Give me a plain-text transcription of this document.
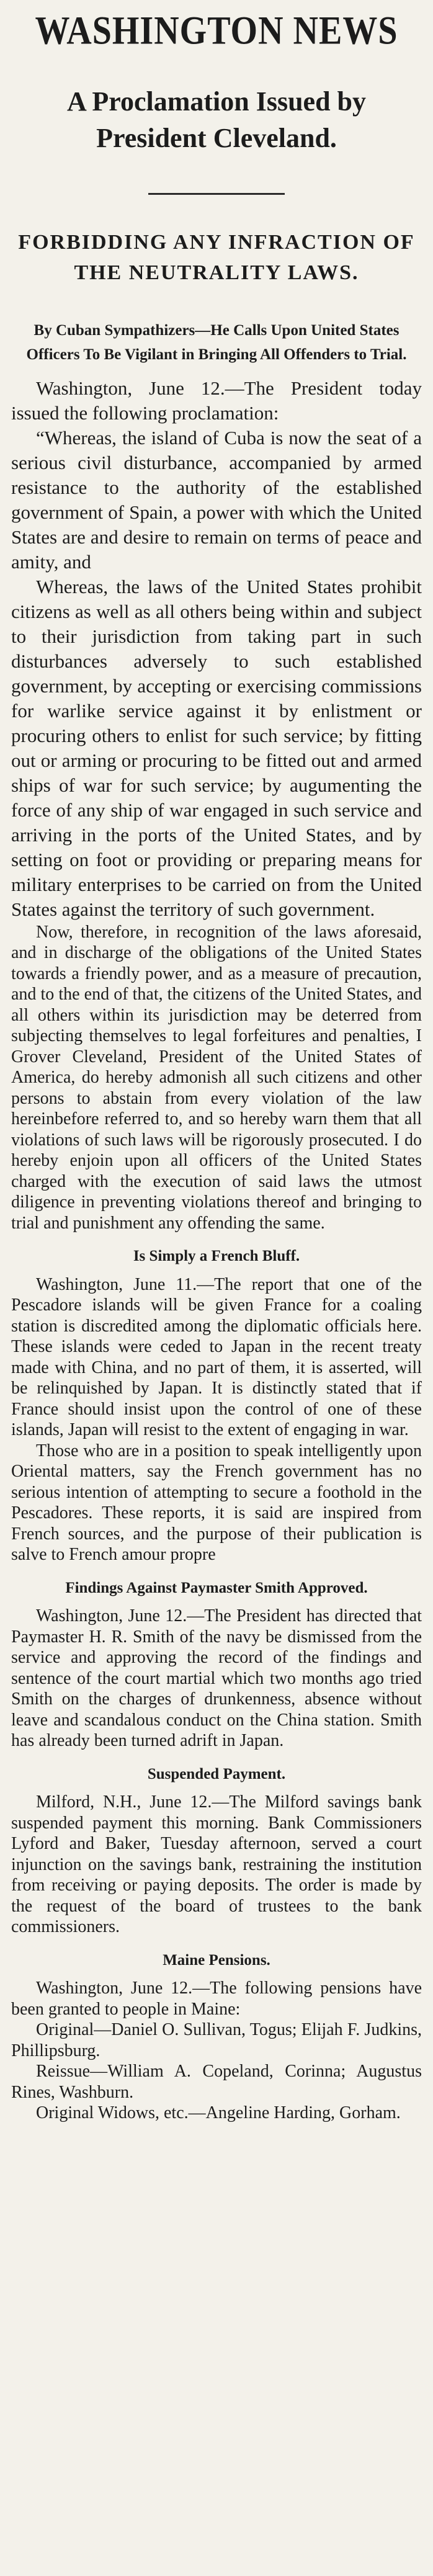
WASHINGTON NEWS
A Proclamation Issued by President Cleveland.
FORBIDDING ANY INFRACTION OF THE NEUTRALITY LAWS.
By Cuban Sympathizers—He Calls Upon United States Officers To Be Vigilant in Bringing All Offenders to Trial.

Washington, June 12.—The President today issued the following proclamation:

“Whereas, the island of Cuba is now the seat of a serious civil disturbance, accompanied by armed resistance to the authority of the established government of Spain, a power with which the United States are and desire to remain on terms of peace and amity, and

Whereas, the laws of the United States prohibit citizens as well as all others being within and subject to their jurisdiction from taking part in such disturbances adversely to such established government, by accepting or exercising commissions for warlike service against it by enlistment or procuring others to enlist for such service; by fitting out or arming or procuring to be fitted out and armed ships of war for such service; by augumenting the force of any ship of war engaged in such service and arriving in the ports of the United States, and by setting on foot or providing or preparing means for military enterprises to be carried on from the United States against the territory of such government.

Now, therefore, in recognition of the laws aforesaid, and in discharge of the obligations of the United States towards a friendly power, and as a measure of precaution, and to the end of that, the citizens of the United States, and all others within its jurisdiction may be deterred from subjecting themselves to legal forfeitures and penalties, I Grover Cleveland, President of the United States of America, do hereby admonish all such citizens and other persons to abstain from every violation of the law hereinbefore referred to, and so hereby warn them that all violations of such laws will be rigorously prosecuted. I do hereby enjoin upon all officers of the United States charged with the execution of said laws the utmost diligence in preventing violations thereof and bringing to trial and punishment any offending the same.

Is Simply a French Bluff.

Washington, June 11.—The report that one of the Pescadore islands will be given France for a coaling station is discredited among the diplomatic officials here. These islands were ceded to Japan in the recent treaty made with China, and no part of them, it is asserted, will be relinquished by Japan. It is distinctly stated that if France should insist upon the control of one of these islands, Japan will resist to the extent of engaging in war.

Those who are in a position to speak intelligently upon Oriental matters, say the French government has no serious intention of attempting to secure a foothold in the Pescadores. These reports, it is said are inspired from French sources, and the purpose of their publication is salve to French amour propre

Findings Against Paymaster Smith Approved.

Washington, June 12.—The President has directed that Paymaster H. R. Smith of the navy be dismissed from the service and approving the record of the findings and sentence of the court martial which two months ago tried Smith on the charges of drunkenness, absence without leave and scandalous conduct on the China station. Smith has already been turned adrift in Japan.

Suspended Payment.

Milford, N.H., June 12.—The Milford savings bank suspended payment this morning. Bank Commissioners Lyford and Baker, Tuesday afternoon, served a court injunction on the savings bank, restraining the institution from receiving or paying deposits. The order is made by the request of the board of trustees to the bank commissioners.

Maine Pensions.

Washington, June 12.—The following pensions have been granted to people in Maine:

Original—Daniel O. Sullivan, Togus; Elijah F. Judkins, Phillipsburg.

Reissue—William A. Copeland, Corinna; Augustus Rines, Washburn.

Original Widows, etc.—Angeline Harding, Gorham.
